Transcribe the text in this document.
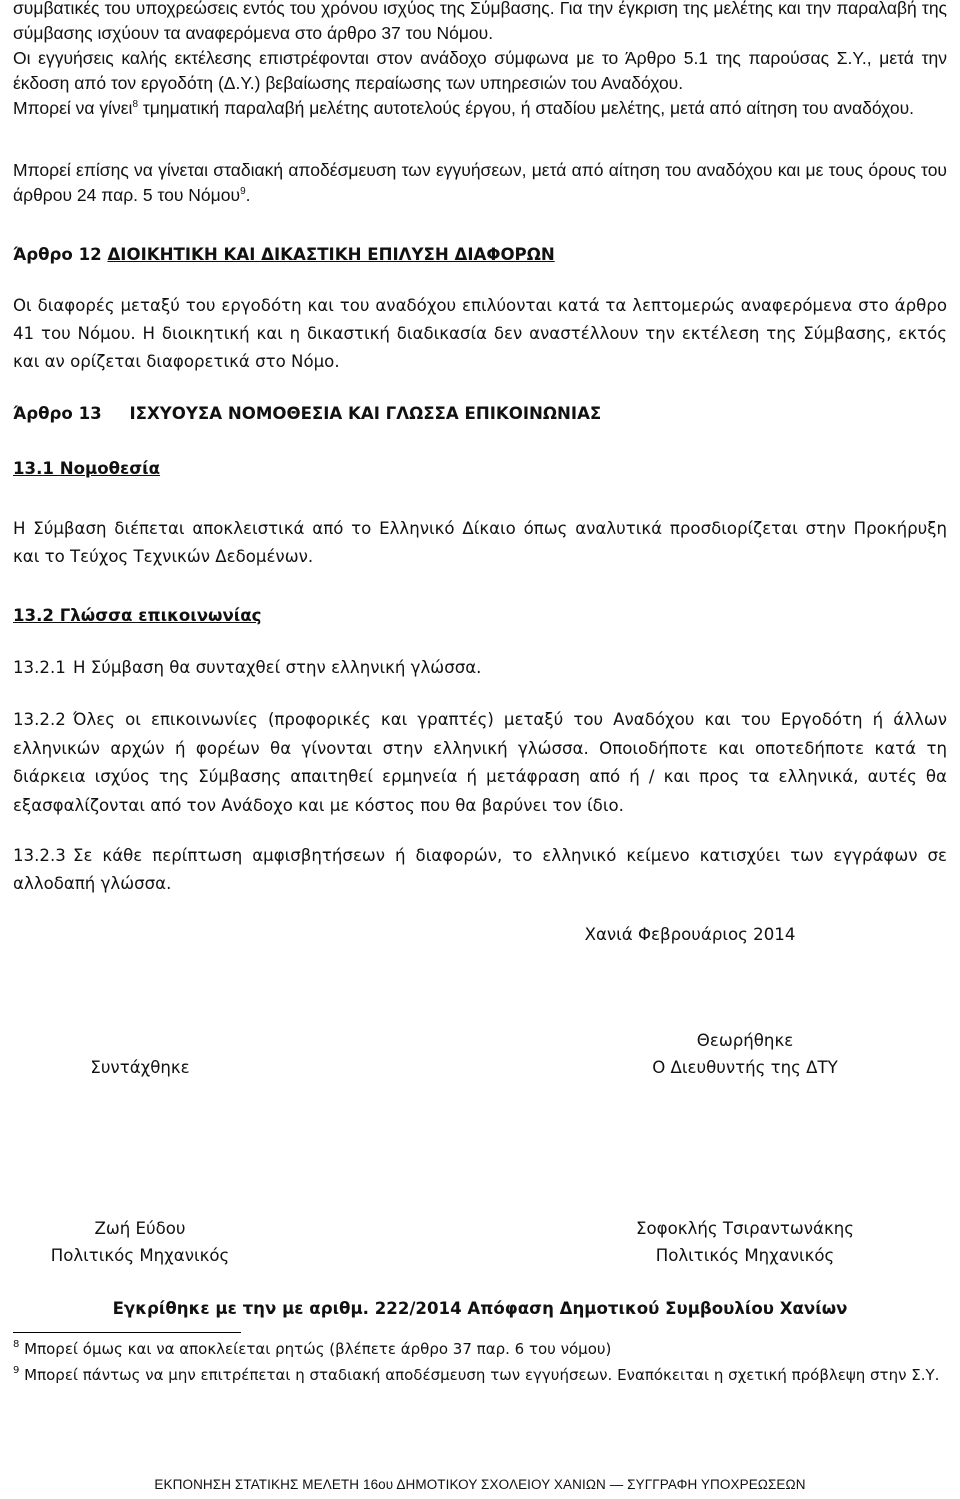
συμβατικές του υποχρεώσεις εντός του χρόνου ισχύος της Σύμβασης. Για την έγκριση της μελέτης και την παραλαβή της σύμβασης ισχύουν τα αναφερόμενα στο άρθρο 37 του Νόμου.
Οι εγγυήσεις καλής εκτέλεσης επιστρέφονται στον ανάδοχο σύμφωνα με το Άρθρο 5.1 της παρούσας Σ.Υ., μετά την έκδοση από τον εργοδότη (Δ.Υ.) βεβαίωσης περαίωσης των υπηρεσιών του Αναδόχου.
Μπορεί να γίνει$^8$ τμηματική παραλαβή μελέτης αυτοτελούς έργου, ή σταδίου μελέτης, μετά από αίτηση του αναδόχου.
Μπορεί επίσης να γίνεται σταδιακή αποδέσμευση των εγγυήσεων, μετά από αίτηση του αναδόχου και με τους όρους του άρθρου 24 παρ. 5 του Νόμου$^9$.
Άρθρο 12 ΔΙΟΙΚΗΤΙΚΗ ΚΑΙ ΔΙΚΑΣΤΙΚΗ ΕΠΙΛΥΣΗ ΔΙΑΦΟΡΩΝ
Οι διαφορές μεταξύ του εργοδότη και του αναδόχου επιλύονται κατά τα λεπτομερώς αναφερόμενα στο άρθρο 41 του Νόμου. Η διοικητική και η δικαστική διαδικασία δεν αναστέλλουν την εκτέλεση της Σύμβασης, εκτός και αν ορίζεται διαφορετικά στο Νόμο.
Άρθρο 13 ΙΣΧΥΟΥΣΑ ΝΟΜΟΘΕΣΙΑ ΚΑΙ ΓΛΩΣΣΑ ΕΠΙΚΟΙΝΩΝΙΑΣ
13.1 Νομοθεσία
Η Σύμβαση διέπεται αποκλειστικά από το Ελληνικό Δίκαιο όπως αναλυτικά προσδιορίζεται στην Προκήρυξη και το Τεύχος Τεχνικών Δεδομένων.
13.2 Γλώσσα επικοινωνίας
13.2.1 Η Σύμβαση θα συνταχθεί στην ελληνική γλώσσα.
13.2.2 Όλες οι επικοινωνίες (προφορικές και γραπτές) μεταξύ του Αναδόχου και του Εργοδότη ή άλλων ελληνικών αρχών ή φορέων θα γίνονται στην ελληνική γλώσσα. Οποιοδήποτε και οποτεδήποτε κατά τη διάρκεια ισχύος της Σύμβασης απαιτηθεί ερμηνεία ή μετάφραση από ή / και προς τα ελληνικά, αυτές θα εξασφαλίζονται από τον Ανάδοχο και με κόστος που θα βαρύνει τον ίδιο.
13.2.3 Σε κάθε περίπτωση αμφισβητήσεων ή διαφορών, το ελληνικό κείμενο κατισχύει των εγγράφων σε αλλοδαπή γλώσσα.
Χανιά Φεβρουάριος 2014
Συντάχθηκε
Θεωρήθηκε
Ο Διευθυντής της ΔΤΥ
Ζωή Εύδου
Πολιτικός Μηχανικός
Σοφοκλής Τσιραντωνάκης
Πολιτικός Μηχανικός
Εγκρίθηκε με την με αριθμ. 222/2014 Απόφαση Δημοτικού Συμβουλίου Χανίων
$^8$ Μπορεί όμως και να αποκλείεται ρητώς (βλέπετε άρθρο 37 παρ. 6 του νόμου)
$^9$ Μπορεί πάντως να μην επιτρέπεται η σταδιακή αποδέσμευση των εγγυήσεων. Εναπόκειται η σχετική πρόβλεψη στην Σ.Υ.
ΕΚΠΟΝΗΣΗ ΣΤΑΤΙΚΗΣ ΜΕΛΕΤΗ 16ου ΔΗΜΟΤΙΚΟΥ ΣΧΟΛΕΙΟΥ ΧΑΝΙΩΝ — ΣΥΓΓΡΑΦΗ ΥΠΟΧΡΕΩΣΕΩΝ
